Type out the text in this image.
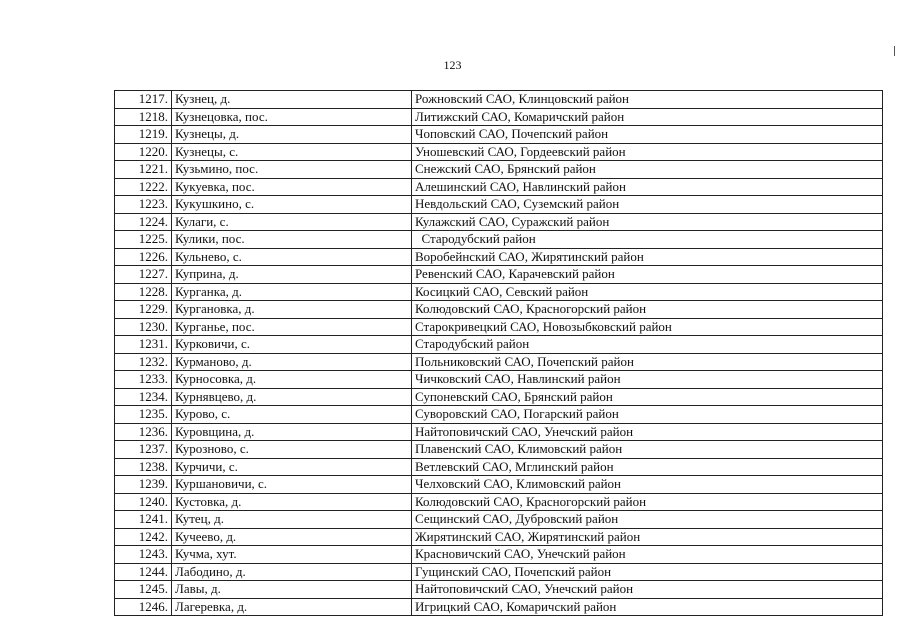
123
1217.	Кузнец, д.	Рожновский САО, Клинцовский район
1218.	Кузнецовка, пос.	Литижский САО, Комаричский район
1219.	Кузнецы, д.	Чоповский САО, Почепский район
1220.	Кузнецы, с.	Уношевский САО, Гордеевский район
1221.	Кузьмино, пос.	Снежский САО, Брянский район
1222.	Кукуевка, пос.	Алешинский САО, Навлинский район
1223.	Кукушкино, с.	Невдольский САО, Суземский район
1224.	Кулаги, с.	Кулажский САО, Суражский район
1225.	Кулики, пос.	Стародубский район
1226.	Кульнево, с.	Воробейнский САО, Жирятинский район
1227.	Куприна, д.	Ревенский САО, Карачевский район
1228.	Курганка, д.	Косицкий САО, Севский район
1229.	Кургановка, д.	Колюдовский САО, Красногорский район
1230.	Курганье, пос.	Старокривецкий САО, Новозыбковский район
1231.	Курковичи, с.	Стародубский район
1232.	Курманово, д.	Польниковский САО, Почепский район
1233.	Курносовка, д.	Чичковский САО, Навлинский район
1234.	Курнявцево, д.	Супоневский САО, Брянский район
1235.	Курово, с.	Суворовский САО, Погарский район
1236.	Куровщина, д.	Найтоповичский САО, Унечский район
1237.	Курозново, с.	Плавенский САО, Климовский район
1238.	Курчичи, с.	Ветлевский САО, Мглинский район
1239.	Куршановичи, с.	Челховский САО, Климовский район
1240.	Кустовка, д.	Колюдовский САО, Красногорский район
1241.	Кутец, д.	Сещинский САО, Дубровский район
1242.	Кучеево, д.	Жирятинский САО, Жирятинский район
1243.	Кучма, хут.	Красновичский САО, Унечский район
1244.	Лабодино, д.	Гущинский САО, Почепский район
1245.	Лавы, д.	Найтоповичский САО, Унечский район
1246.	Лагеревка, д.	Игрицкий САО, Комаричский район
